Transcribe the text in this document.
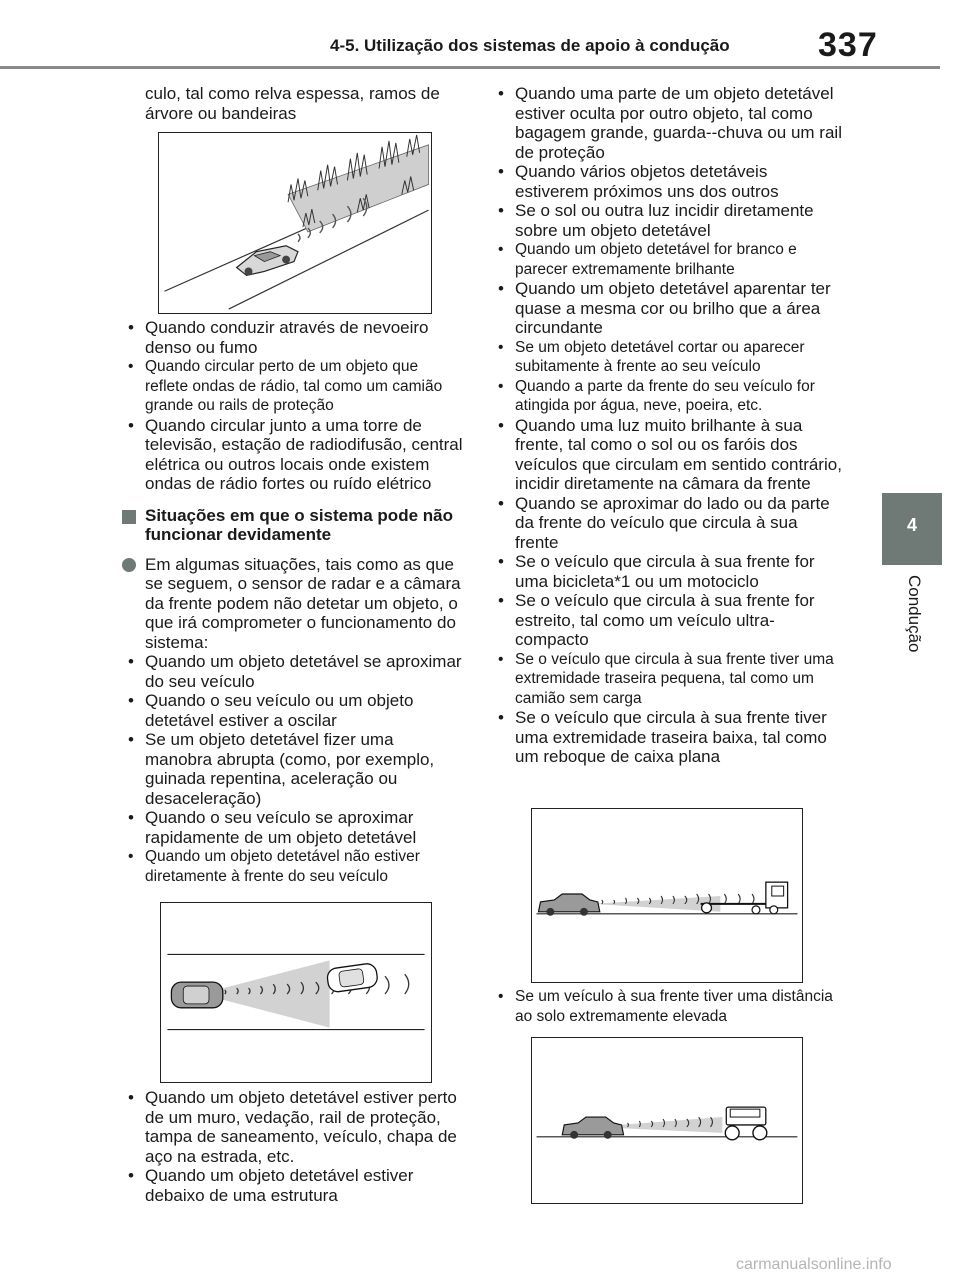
4-5. Utilização dos sistemas de apoio à condução	337
4
Condução

culo, tal como relva espessa, ramos de árvore ou bandeiras

• Quando conduzir através de nevoeiro denso ou fumo
• Quando circular perto de um objeto que reflete ondas de rádio, tal como um camião grande ou rails de proteção
• Quando circular junto a uma torre de televisão, estação de radiodifusão, central elétrica ou outros locais onde existem ondas de rádio fortes ou ruído elétrico
Situações em que o sistema pode não funcionar devidamente
Em algumas situações, tais como as que se seguem, o sensor de radar e a câmara da frente podem não detetar um objeto, o que irá comprometer o funcionamento do sistema:
• Quando um objeto detetável se aproximar do seu veículo
• Quando o seu veículo ou um objeto detetável estiver a oscilar
• Se um objeto detetável fizer uma manobra abrupta (como, por exemplo, guinada repentina, aceleração ou desaceleração)
• Quando o seu veículo se aproximar rapidamente de um objeto detetável
• Quando um objeto detetável não estiver diretamente à frente do seu veículo
• Quando um objeto detetável estiver perto de um muro, vedação, rail de proteção, tampa de saneamento, veículo, chapa de aço na estrada, etc.
• Quando um objeto detetável estiver debaixo de uma estrutura
• Quando uma parte de um objeto detetável estiver oculta por outro objeto, tal como bagagem grande, guarda--chuva ou um rail de proteção
• Quando vários objetos detetáveis estiverem próximos uns dos outros
• Se o sol ou outra luz incidir diretamente sobre um objeto detetável
• Quando um objeto detetável for branco e parecer extremamente brilhante
• Quando um objeto detetável aparentar ter quase a mesma cor ou brilho que a área circundante
• Se um objeto detetável cortar ou aparecer subitamente à frente ao seu veículo
• Quando a parte da frente do seu veículo for atingida por água, neve, poeira, etc.
• Quando uma luz muito brilhante à sua frente, tal como o sol ou os faróis dos veículos que circulam em sentido contrário, incidir diretamente na câmara da frente
• Quando se aproximar do lado ou da parte da frente do veículo que circula à sua frente
• Se o veículo que circula à sua frente for uma bicicleta*1 ou um motociclo
• Se o veículo que circula à sua frente for estreito, tal como um veículo ultra-compacto
• Se o veículo que circula à sua frente tiver uma extremidade traseira pequena, tal como um camião sem carga
• Se o veículo que circula à sua frente tiver uma extremidade traseira baixa, tal como um reboque de caixa plana
• Se um veículo à sua frente tiver uma distância ao solo extremamente elevada
carmanualsonline.info
